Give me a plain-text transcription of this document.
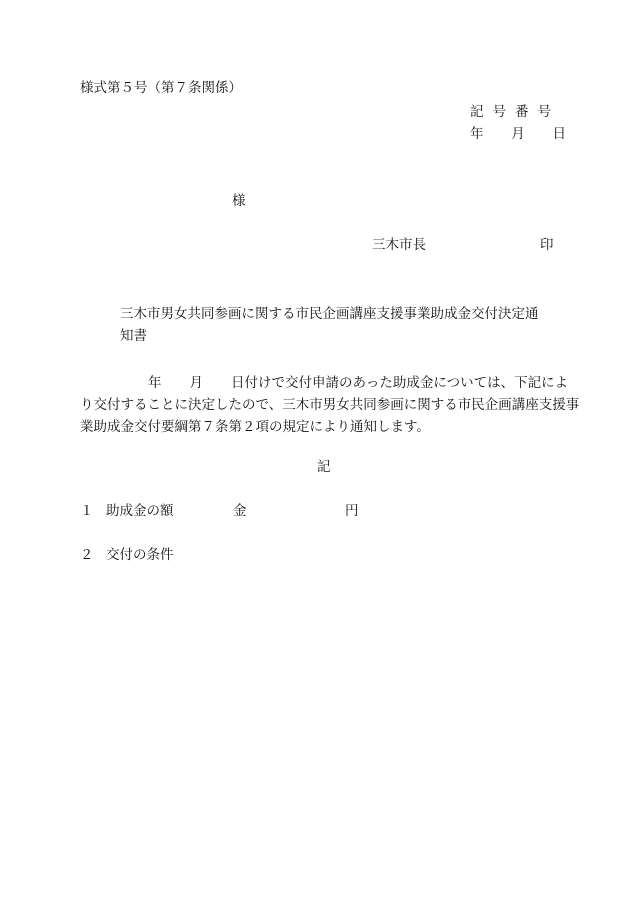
様式第５号（第７条関係）
記号番号
年 月 日
様
三木市長	印
三木市男女共同参画に関する市民企画講座支援事業助成金交付決定通知書
年 月 日付けで交付申請のあった助成金については、下記により交付することに決定したので、三木市男女共同参画に関する市民企画講座支援事業助成金交付要綱第７条第２項の規定により通知します。
記
１ 助成金の額	金	円
２ 交付の条件
